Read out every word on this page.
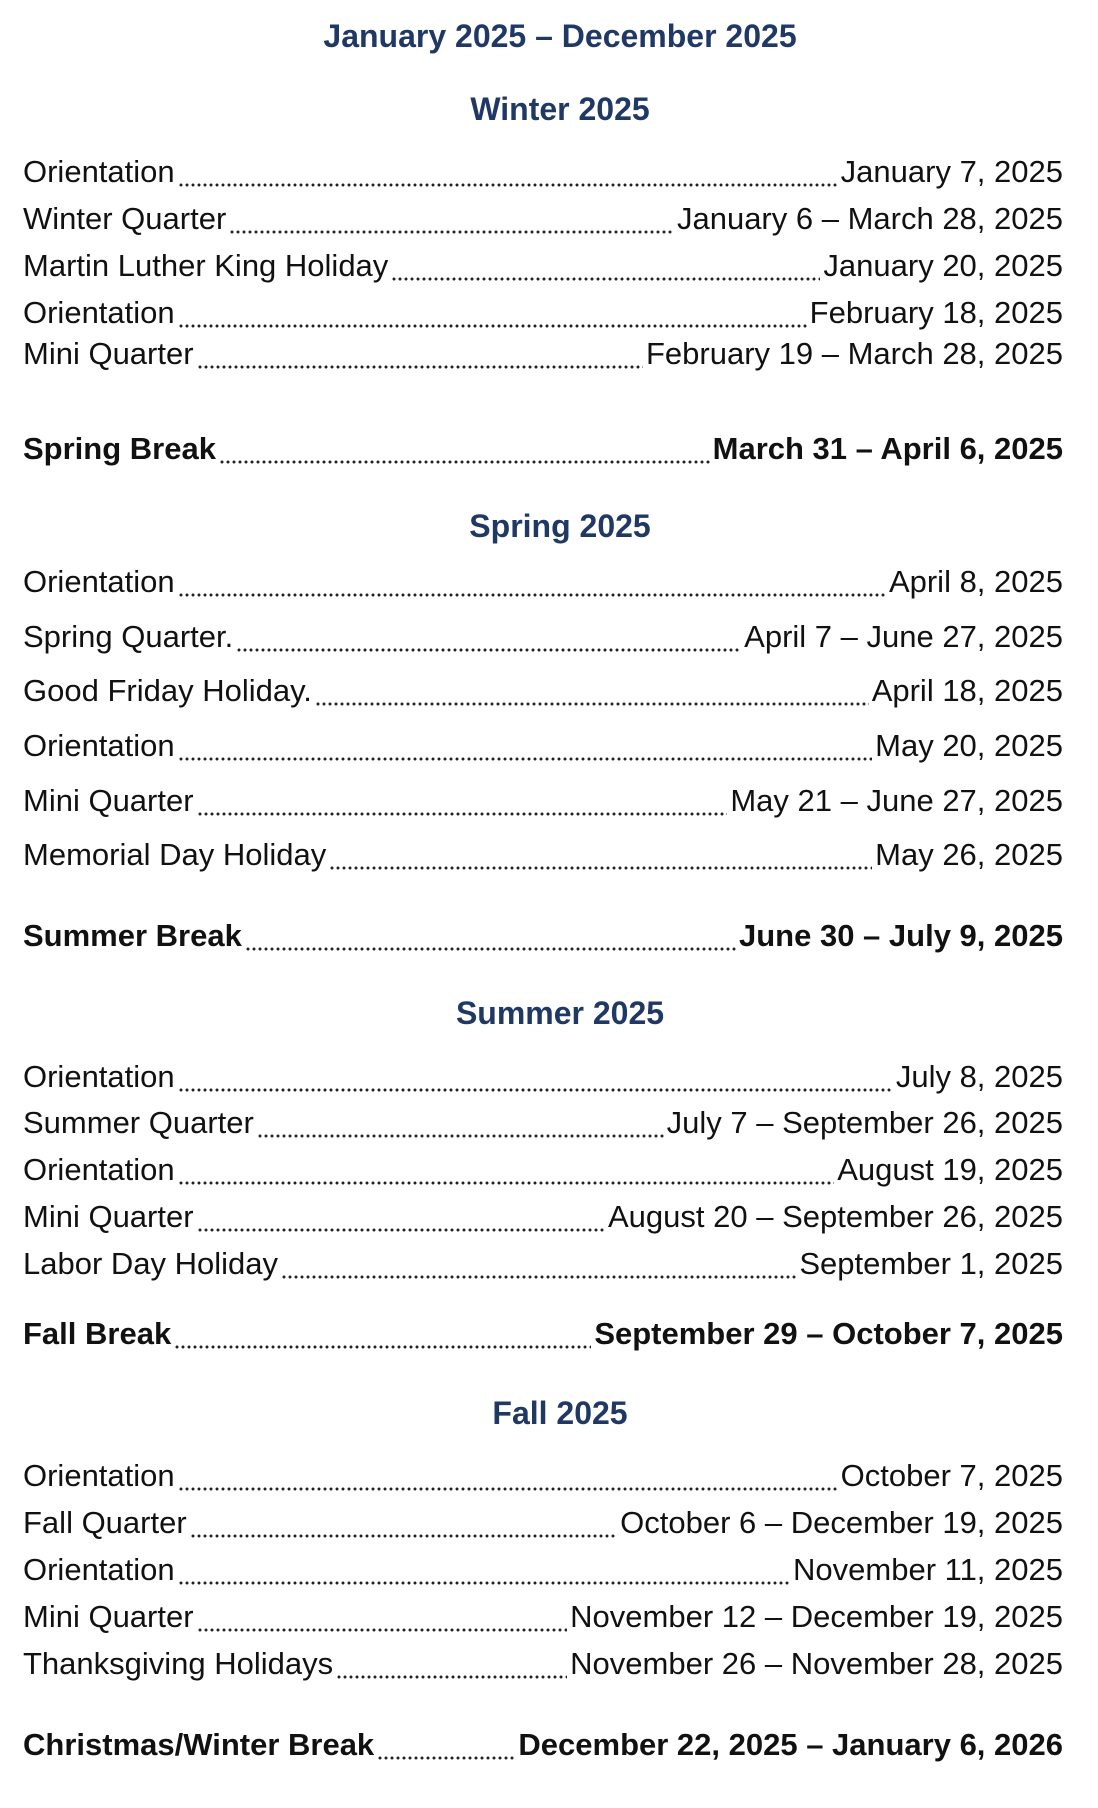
January 2025 – December 2025
Winter 2025
Orientation	January 7, 2025
Winter Quarter	January 6 – March 28, 2025
Martin Luther King Holiday	January 20, 2025
Orientation	February 18, 2025
Mini Quarter	February 19 – March 28, 2025
Spring Break	March 31 – April 6, 2025
Spring 2025
Orientation	April 8, 2025
Spring Quarter.	April 7 – June 27, 2025
Good Friday Holiday.	April 18, 2025
Orientation	May 20, 2025
Mini Quarter	May 21 – June 27, 2025
Memorial Day Holiday	May 26, 2025
Summer Break	June 30 – July 9, 2025
Summer 2025
Orientation	July 8, 2025
Summer Quarter	July 7 – September 26, 2025
Orientation	August 19, 2025
Mini Quarter	August 20 – September 26, 2025
Labor Day Holiday	September 1, 2025
Fall Break	September 29 – October 7, 2025
Fall 2025
Orientation	October 7, 2025
Fall Quarter	October 6 – December 19, 2025
Orientation	November 11, 2025
Mini Quarter	November 12 – December 19, 2025
Thanksgiving Holidays	November 26 – November 28, 2025
Christmas/Winter Break	December 22, 2025 – January 6, 2026
